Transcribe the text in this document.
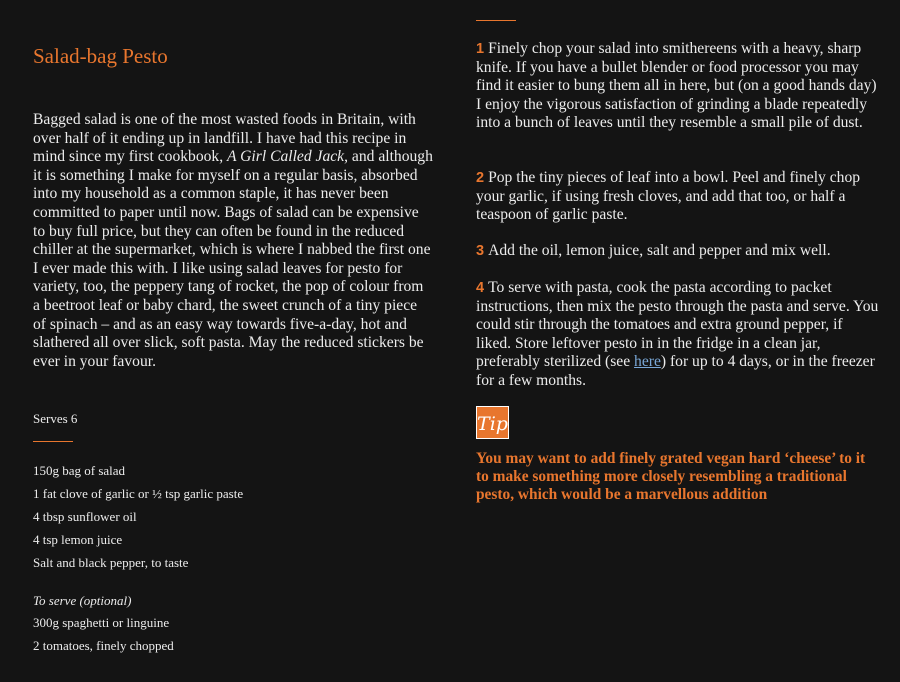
Salad-bag Pesto

Bagged salad is one of the most wasted foods in Britain, with over half of it ending up in landfill. I have had this recipe in mind since my first cookbook, A Girl Called Jack, and although it is something I make for myself on a regular basis, absorbed into my household as a common staple, it has never been committed to paper until now. Bags of salad can be expensive to buy full price, but they can often be found in the reduced chiller at the supermarket, which is where I nabbed the first one I ever made this with. I like using salad leaves for pesto for variety, too, the peppery tang of rocket, the pop of colour from a beetroot leaf or baby chard, the sweet crunch of a tiny piece of spinach – and as an easy way towards five-a-day, hot and slathered all over slick, soft pasta. May the reduced stickers be ever in your favour.

Serves 6
150g bag of salad
1 fat clove of garlic or ½ tsp garlic paste
4 tbsp sunflower oil
4 tsp lemon juice
Salt and black pepper, to taste
To serve (optional)
300g spaghetti or linguine
2 tomatoes, finely chopped

1 Finely chop your salad into smithereens with a heavy, sharp knife. If you have a bullet blender or food processor you may find it easier to bung them all in here, but (on a good hands day) I enjoy the vigorous satisfaction of grinding a blade repeatedly into a bunch of leaves until they resemble a small pile of dust.

2 Pop the tiny pieces of leaf into a bowl. Peel and finely chop your garlic, if using fresh cloves, and add that too, or half a teaspoon of garlic paste.

3 Add the oil, lemon juice, salt and pepper and mix well.

4 To serve with pasta, cook the pasta according to packet instructions, then mix the pesto through the pasta and serve. You could stir through the tomatoes and extra ground pepper, if liked. Store leftover pesto in in the fridge in a clean jar, preferably sterilized (see here) for up to 4 days, or in the freezer for a few months.

Tip
You may want to add finely grated vegan hard ‘cheese’ to it to make something more closely resembling a traditional pesto, which would be a marvellous addition
